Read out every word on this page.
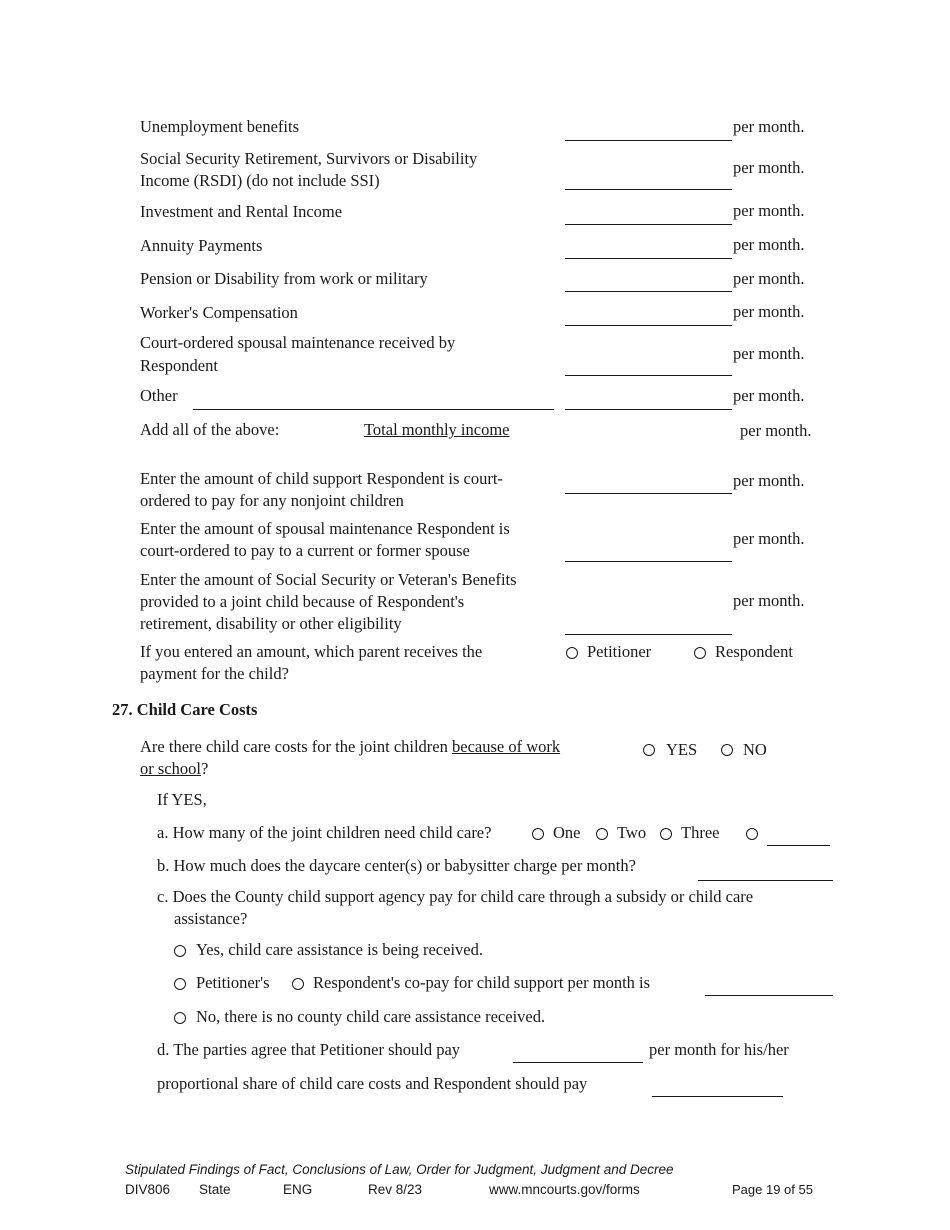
Unemployment benefits	per month.
Social Security Retirement, Survivors or Disability
Income (RSDI) (do not include SSI)
per month.
Investment and Rental Income	per month.
Annuity Payments	per month.
Pension or Disability from work or military	per month.
Worker's Compensation	per month.
Court-ordered spousal maintenance received by
Respondent
per month.
Other	per month.
Add all of the above:	Total monthly income	per month.
Enter the amount of child support Respondent is court-
ordered to pay for any nonjoint children
per month.
Enter the amount of spousal maintenance Respondent is
court-ordered to pay to a current or former spouse
per month.
Enter the amount of Social Security or Veteran's Benefits
provided to a joint child because of Respondent's
retirement, disability or other eligibility
per month.
If you entered an amount, which parent receives the
payment for the child?
Petitioner	Respondent
27. Child Care Costs
Are there child care costs for the joint children because of work
or school?
YES	NO
If YES,
a. How many of the joint children need child care?	One Two Three
b. How much does the daycare center(s) or babysitter charge per month?
c. Does the County child support agency pay for child care through a subsidy or child care
assistance?
Yes, child care assistance is being received.
Petitioner's	Respondent's co-pay for child support per month is
No, there is no county child care assistance received.
d. The parties agree that Petitioner should pay	per month for his/her
proportional share of child care costs and Respondent should pay
Stipulated Findings of Fact, Conclusions of Law, Order for Judgment, Judgment and Decree
DIV806 State	ENG	Rev 8/23	www.mncourts.gov/forms	Page 19 of 55
